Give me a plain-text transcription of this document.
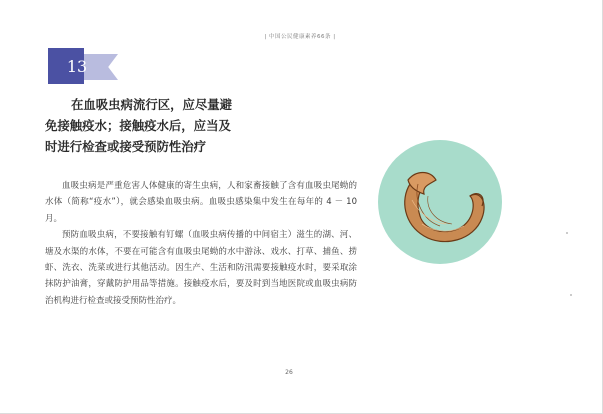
| 中国公民健康素养66条 |
13
在血吸虫病流行区，应尽量避
免接触疫水；接触疫水后，应当及
时进行检查或接受预防性治疗

血吸虫病是严重危害人体健康的寄生虫病，人和家畜接触了含有血吸虫尾蚴的水体（简称“疫水”），就会感染血吸虫病。血吸虫感染集中发生在每年的 4 － 10 月。

预防血吸虫病，不要接触有钉螺（血吸虫病传播的中间宿主）滋生的湖、河、塘及水渠的水体，不要在可能含有血吸虫尾蚴的水中游泳、戏水、打草、捕鱼、捞虾、洗衣、洗菜或进行其他活动。因生产、生活和防汛需要接触疫水时，要采取涂抹防护油膏，穿戴防护用品等措施。接触疫水后，要及时到当地医院或血吸虫病防治机构进行检查或接受预防性治疗。

26
